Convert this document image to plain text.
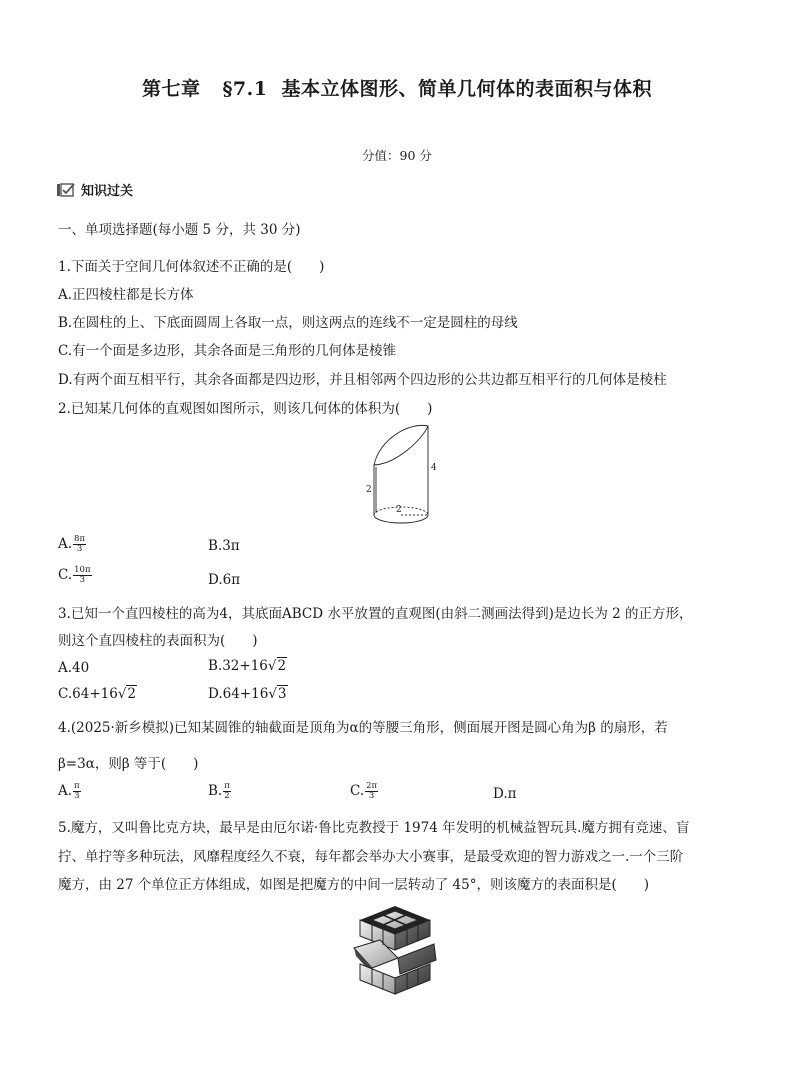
第七章 §7.1 基本立体图形、简单几何体的表面积与体积
分值：90 分
知识过关
一、单项选择题(每小题 5 分，共 30 分)
1.下面关于空间几何体叙述不正确的是(　　)
A.正四棱柱都是长方体
B.在圆柱的上、下底面圆周上各取一点，则这两点的连线不一定是圆柱的母线
C.有一个面是多边形，其余各面是三角形的几何体是棱锥
D.有两个面互相平行，其余各面都是四边形，并且相邻两个四边形的公共边都互相平行的几何体是棱柱
2.已知某几何体的直观图如图所示，则该几何体的体积为(　　)
2
4
2
A. $\frac{8\pi}{3}$	B.3π
C. $\frac{10\pi}{3}$	D.6π
3.已知一个直四棱柱的高为4，其底面ABCD 水平放置的直观图(由斜二测画法得到)是边长为 2 的正方形，
则这个直四棱柱的表面积为(　　)
A.40	B.32+16√2
C.64+16√2	D.64+16√3
4.(2025·新乡模拟)已知某圆锥的轴截面是顶角为α的等腰三角形，侧面展开图是圆心角为β 的扇形，若
β=3α，则β 等于(　　)
A. $\frac{\pi}{3}$	B. $\frac{\pi}{2}$	C. $\frac{2\pi}{3}$	D.π
5.魔方，又叫鲁比克方块，最早是由厄尔诺·鲁比克教授于 1974 年发明的机械益智玩具.魔方拥有竞速、盲
拧、单拧等多种玩法，风靡程度经久不衰，每年都会举办大小赛事，是最受欢迎的智力游戏之一.一个三阶
魔方，由 27 个单位正方体组成，如图是把魔方的中间一层转动了 45°，则该魔方的表面积是(　　)
